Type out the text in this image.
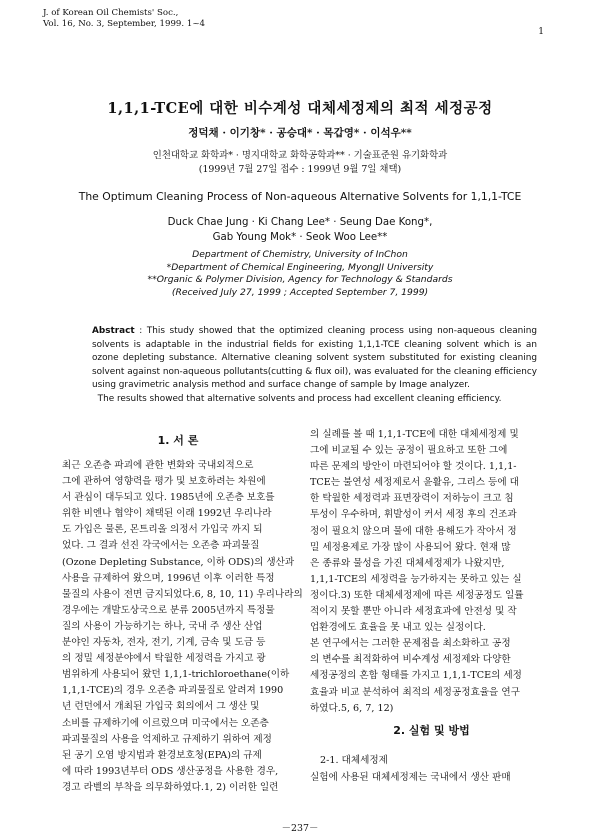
J. of Korean Oil Chemists' Soc.,
Vol. 16, No. 3, September, 1999. 1~4
1
1,1,1-TCE에 대한 비수계성 대체세정제의 최적 세정공정
정덕채 · 이기창* · 공승대* · 목갑영* · 이석우**
인천대학교 화학과* · 명지대학교 화학공학과** · 기술표준원 유기화학과
(1999년 7월 27일 접수 : 1999년 9월 7일 채택)
The Optimum Cleaning Process of Non-aqueous Alternative Solvents for 1,1,1-TCE
Duck Chae Jung · Ki Chang Lee* · Seung Dae Kong*,
Gab Young Mok* · Seok Woo Lee**
Department of Chemistry, University of InChon
*Department of Chemical Engineering, MyongJI University
**Organic & Polymer Division, Agency for Technology & Standards
(Received July 27, 1999 ; Accepted September 7, 1999)

Abstract : This study showed that the optimized cleaning process using non-aqueous cleaning solvents is adaptable in the industrial fields for existing 1,1,1-TCE cleaning solvent which is an ozone depleting substance. Alternative cleaning solvent system substituted for existing cleaning solvent against non-aqueous pollutants(cutting & flux oil), was evaluated for the cleaning efficiency using gravimetric analysis method and surface change of sample by Image analyzer.

The results showed that alternative solvents and process had excellent cleaning efficiency.

1. 서 론
최근 오존층 파괴에 관한 변화와 국내외적으로
그에 관하여 영향력을 평가 및 보호하려는 차원에
서 관심이 대두되고 있다. 1985년에 오존층 보호를
위한 비엔나 협약이 채택된 이래 1992년 우리나라
도 가입은 물론, 몬트리올 의정서 가입국 까지 되
었다. 그 결과 선진 각국에서는 오존층 파괴물질
(Ozone Depleting Substance, 이하 ODS)의 생산과
사용을 규제하여 왔으며, 1996년 이후 이러한 특정
물질의 사용이 전면 금지되었다.6, 8, 10, 11) 우리나라의
경우에는 개발도상국으로 분류 2005년까지 특정물
질의 사용이 가능하기는 하나, 국내 주 생산 산업
분야인 자동차, 전자, 전기, 기계, 금속 및 도금 등
의 정밀 세정분야에서 탁월한 세정력을 가지고 광
범위하게 사용되어 왔던 1,1,1-trichloroethane(이하
1,1,1-TCE)의 경우 오존층 파괴물질로 알려져 1990
년 런던에서 개최된 가입국 회의에서 그 생산 및
소비를 규제하기에 이르렀으며 미국에서는 오존층
파괴물질의 사용을 억제하고 규제하기 위하여 제정
된 공기 오염 방지법과 환경보호청(EPA)의 규제
에 따라 1993년부터 ODS 생산공정을 사용한 경우,
경고 라벨의 부착을 의무화하였다.1, 2) 이러한 일련
의 실례를 볼 때 1,1,1-TCE에 대한 대체세정제 및
그에 비교될 수 있는 공정이 필요하고 또한 그에
따른 문제의 방안이 마련되어야 할 것이다. 1,1,1-
TCE는 불연성 세정제로서 윤활유, 그리스 등에 대
한 탁월한 세정력과 표면장력이 저하능이 크고 침
투성이 우수하며, 휘발성이 커서 세정 후의 건조과
정이 필요치 않으며 물에 대한 용해도가 작아서 정
밀 세정용제로 가장 많이 사용되어 왔다. 현재 많
은 종류와 물성을 가진 대체세정제가 나왔지만,
1,1,1-TCE의 세정력을 능가하지는 못하고 있는 실
정이다.3) 또한 대체세정제에 따른 세정공정도 일률
적이지 못할 뿐만 아니라 세정효과에 안전성 및 작
업환경에도 효율을 못 내고 있는 실정이다.
본 연구에서는 그러한 문제점을 최소화하고 공정
의 변수를 최적화하여 비수계성 세정제와 다양한
세정공정의 혼합 형태를 가지고 1,1,1-TCE의 세정
효율과 비교 분석하여 최적의 세정공정효율을 연구
하였다.5, 6, 7, 12)
2. 실험 및 방법
2-1. 대체세정제
실험에 사용된 대체세정제는 국내에서 생산 판매
－237－
